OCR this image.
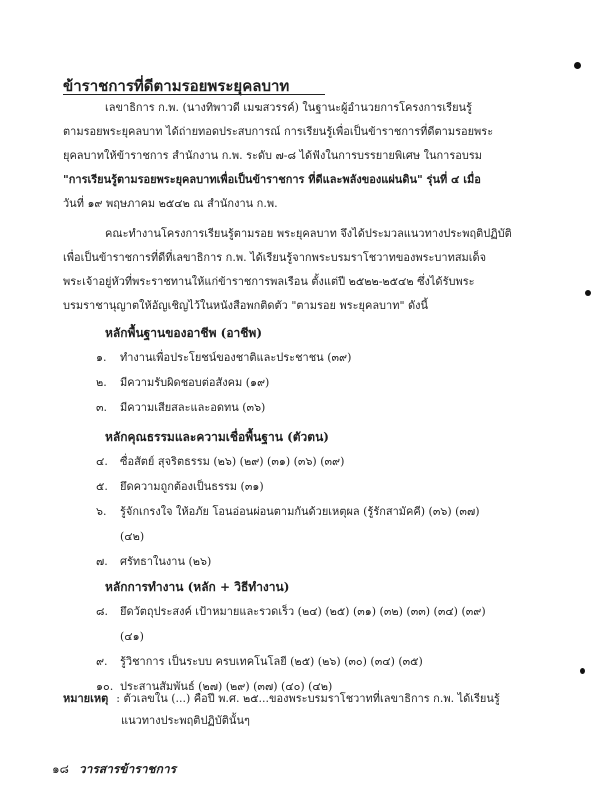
ข้าราชการที่ดีตามรอยพระยุคลบาท
เลขาธิการ ก.พ. (นางทิพาวดี เมฆสวรรค์) ในฐานะผู้อำนวยการโครงการเรียนรู้
ตามรอยพระยุคลบาท ได้ถ่ายทอดประสบการณ์ การเรียนรู้เพื่อเป็นข้าราชการที่ดีตามรอยพระ
ยุคลบาทให้ข้าราชการ สำนักงาน ก.พ. ระดับ ๗-๘ ได้ฟังในการบรรยายพิเศษ ในการอบรม
"การเรียนรู้ตามรอยพระยุคลบาทเพื่อเป็นข้าราชการ ที่ดีและพลังของแผ่นดิน" รุ่นที่ ๔ เมื่อ
วันที่ ๑๙ พฤษภาคม ๒๕๔๒ ณ สำนักงาน ก.พ.
คณะทำงานโครงการเรียนรู้ตามรอย พระยุคลบาท จึงได้ประมวลแนวทางประพฤติปฏิบัติ
เพื่อเป็นข้าราชการที่ดีที่เลขาธิการ ก.พ. ได้เรียนรู้จากพระบรมราโชวาทของพระบาทสมเด็จ
พระเจ้าอยู่หัวที่พระราชทานให้แก่ข้าราชการพลเรือน ตั้งแต่ปี ๒๕๒๒-๒๕๔๒ ซึ่งได้รับพระ
บรมราชานุญาตให้อัญเชิญไว้ในหนังสือพกติดตัว "ตามรอย พระยุคลบาท" ดังนี้
หลักพื้นฐานของอาชีพ (อาชีพ)
๑.	ทำงานเพื่อประโยชน์ของชาติและประชาชน (๓๙)
๒.	มีความรับผิดชอบต่อสังคม (๑๙)
๓.	มีความเสียสละและอดทน (๓๖)
หลักคุณธรรมและความเชื่อพื้นฐาน (ตัวตน)
๔.	ซื่อสัตย์ สุจริตธรรม (๒๖) (๒๙) (๓๑) (๓๖) (๓๙)
๕.	ยึดความถูกต้องเป็นธรรม (๓๑)
๖.	รู้จักเกรงใจ ให้อภัย โอนอ่อนผ่อนตามกันด้วยเหตุผล (รู้รักสามัคคี) (๓๖) (๓๗)
(๔๒)
๗.	ศรัทธาในงาน (๒๖)
หลักการทำงาน (หลัก + วิธีทำงาน)
๘.	ยึดวัตถุประสงค์ เป้าหมายและรวดเร็ว (๒๔) (๒๕) (๓๑) (๓๒) (๓๓) (๓๔) (๓๙)
(๔๑)
๙.	รู้วิชาการ เป็นระบบ ครบเทคโนโลยี (๒๕) (๒๖) (๓๐) (๓๔) (๓๕)
๑๐. ประสานสัมพันธ์ (๒๗) (๒๙) (๓๗) (๔๐) (๔๒)
หมายเหตุ : ตัวเลขใน (...) คือปี พ.ศ. ๒๕...ของพระบรมราโชวาทที่เลขาธิการ ก.พ. ได้เรียนรู้
แนวทางประพฤติปฏิบัตินั้นๆ
๑๘ วารสารข้าราชการ
